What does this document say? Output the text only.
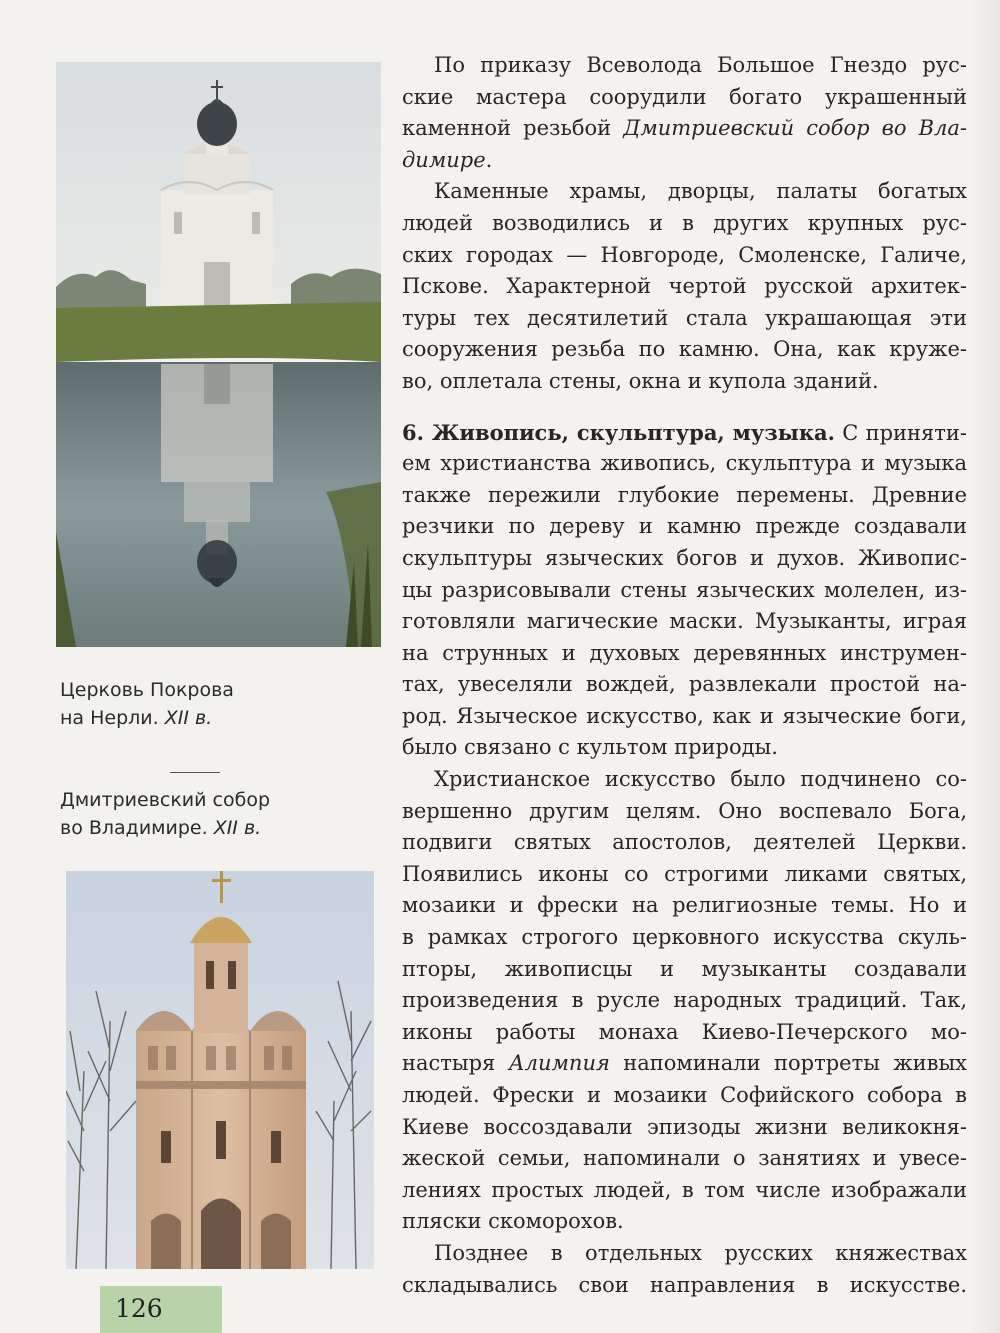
Церковь Покрова
на Нерли. XII в.
Дмитриевский собор
во Владимире. XII в.
По приказу Всеволода Большое Гнездо рус-
ские мастера соорудили богато украшенный
каменной резьбой Дмитриевский собор во Вла-
димире.
Каменные храмы, дворцы, палаты богатых
людей возводились и в других крупных рус-
ских городах — Новгороде, Смоленске, Галиче,
Пскове. Характерной чертой русской архитек-
туры тех десятилетий стала украшающая эти
сооружения резьба по камню. Она, как круже-
во, оплетала стены, окна и купола зданий.
6. Живопись, скульптура, музыка. С приняти-
ем христианства живопись, скульптура и музыка
также пережили глубокие перемены. Древние
резчики по дереву и камню прежде создавали
скульптуры языческих богов и духов. Живопис-
цы разрисовывали стены языческих молелен, из-
готовляли магические маски. Музыканты, играя
на струнных и духовых деревянных инструмен-
тах, увеселяли вождей, развлекали простой на-
род. Языческое искусство, как и языческие боги,
было связано с культом природы.
Христианское искусство было подчинено со-
вершенно другим целям. Оно воспевало Бога,
подвиги святых апостолов, деятелей Церкви.
Появились иконы со строгими ликами святых,
мозаики и фрески на религиозные темы. Но и
в рамках строгого церковного искусства скуль-
пторы, живописцы и музыканты создавали
произведения в русле народных традиций. Так,
иконы работы монаха Киево-Печерского мо-
настыря Алимпия напоминали портреты живых
людей. Фрески и мозаики Софийского собора в
Киеве воссоздавали эпизоды жизни великокня-
жеской семьи, напоминали о занятиях и увесе-
лениях простых людей, в том числе изображали
пляски скоморохов.
Позднее в отдельных русских княжествах
складывались свои направления в искусстве.
126
